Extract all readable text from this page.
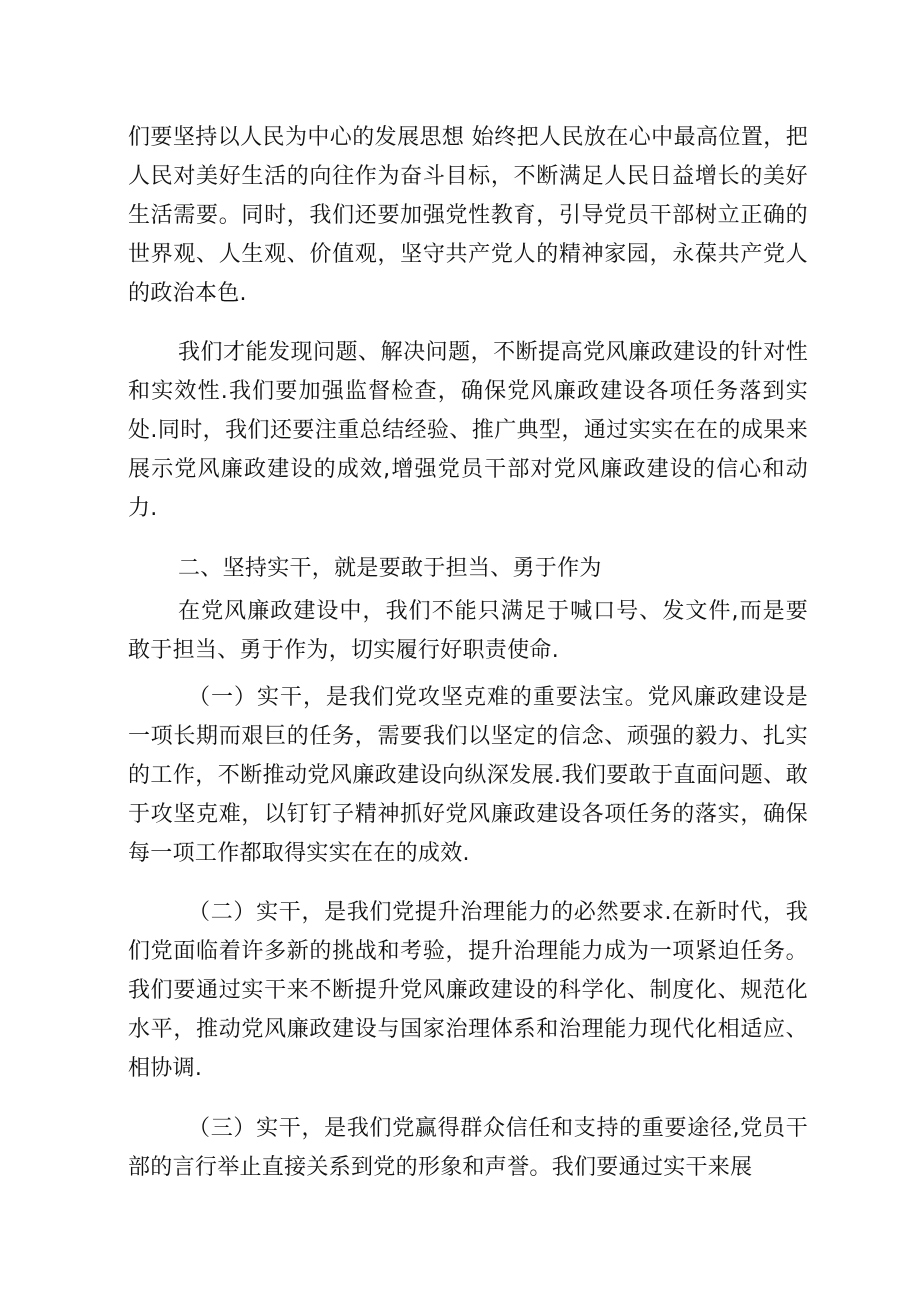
们要坚持以人民为中心的发展思想 始终把人民放在心中最高位置，把人民对美好生活的向往作为奋斗目标，不断满足人民日益增长的美好生活需要。同时，我们还要加强党性教育，引导党员干部树立正确的世界观、人生观、价值观，坚守共产党人的精神家园，永葆共产党人的政治本色.

我们才能发现问题、解决问题，不断提高党风廉政建设的针对性和实效性.我们要加强监督检查，确保党风廉政建设各项任务落到实处.同时，我们还要注重总结经验、推广典型，通过实实在在的成果来展示党风廉政建设的成效,增强党员干部对党风廉政建设的信心和动力.

二、坚持实干，就是要敢于担当、勇于作为

在党风廉政建设中，我们不能只满足于喊口号、发文件,而是要敢于担当、勇于作为，切实履行好职责使命.

（一）实干，是我们党攻坚克难的重要法宝。党风廉政建设是一项长期而艰巨的任务，需要我们以坚定的信念、顽强的毅力、扎实的工作，不断推动党风廉政建设向纵深发展.我们要敢于直面问题、敢于攻坚克难，以钉钉子精神抓好党风廉政建设各项任务的落实，确保每一项工作都取得实实在在的成效.

（二）实干，是我们党提升治理能力的必然要求.在新时代，我们党面临着许多新的挑战和考验，提升治理能力成为一项紧迫任务。我们要通过实干来不断提升党风廉政建设的科学化、制度化、规范化水平，推动党风廉政建设与国家治理体系和治理能力现代化相适应、相协调.

（三）实干，是我们党赢得群众信任和支持的重要途径,党员干部的言行举止直接关系到党的形象和声誉。我们要通过实干来展
